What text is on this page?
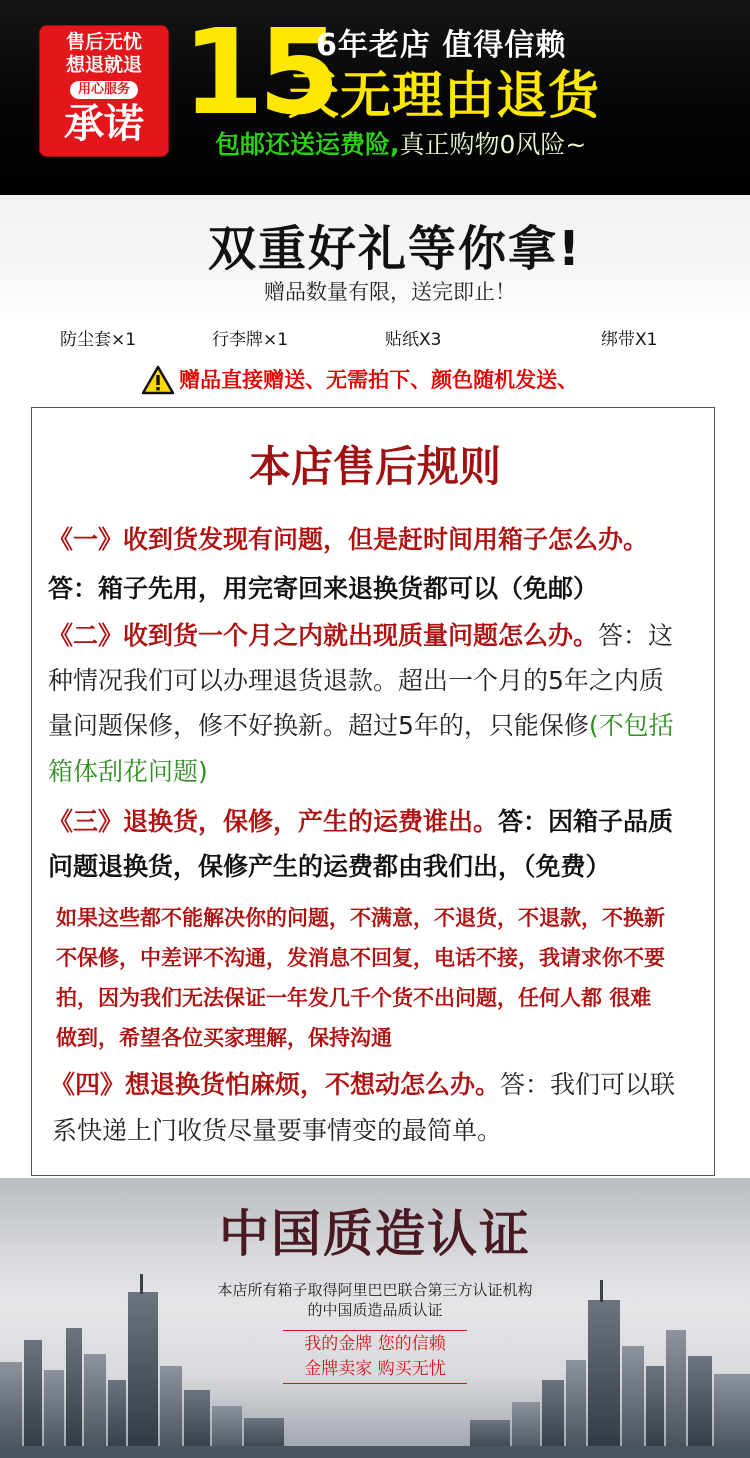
售后无忧
想退就退
用心服务
承诺 15
6年老店 值得信赖
天无理由退货
包邮还送运费险,真正购物0风险~
双重好礼等你拿!
赠品数量有限，送完即止！
防尘套×1	行李牌×1	贴纸X3	绑带X1
赠品直接赠送、无需拍下、颜色随机发送、
本店售后规则
《一》收到货发现有问题，但是赶时间用箱子怎么办。
答：箱子先用，用完寄回来退换货都可以（免邮）
《二》收到货一个月之内就出现质量问题怎么办。答：这
种情况我们可以办理退货退款。超出一个月的5年之内质
量问题保修，修不好换新。超过5年的，只能保修(不包括
箱体刮花问题)
《三》退换货，保修，产生的运费谁出。答：因箱子品质
问题退换货，保修产生的运费都由我们出，（免费）
如果这些都不能解决你的问题，不满意，不退货，不退款，不换新
不保修，中差评不沟通，发消息不回复，电话不接，我请求你不要
拍，因为我们无法保证一年发几千个货不出问题，任何人都 很难
做到，希望各位买家理解，保持沟通
《四》想退换货怕麻烦，不想动怎么办。答：我们可以联
系快递上门收货尽量要事情变的最简单。
中国质造认证
本店所有箱子取得阿里巴巴联合第三方认证机构
的中国质造品质认证
我的金牌 您的信赖
金牌卖家 购买无忧
